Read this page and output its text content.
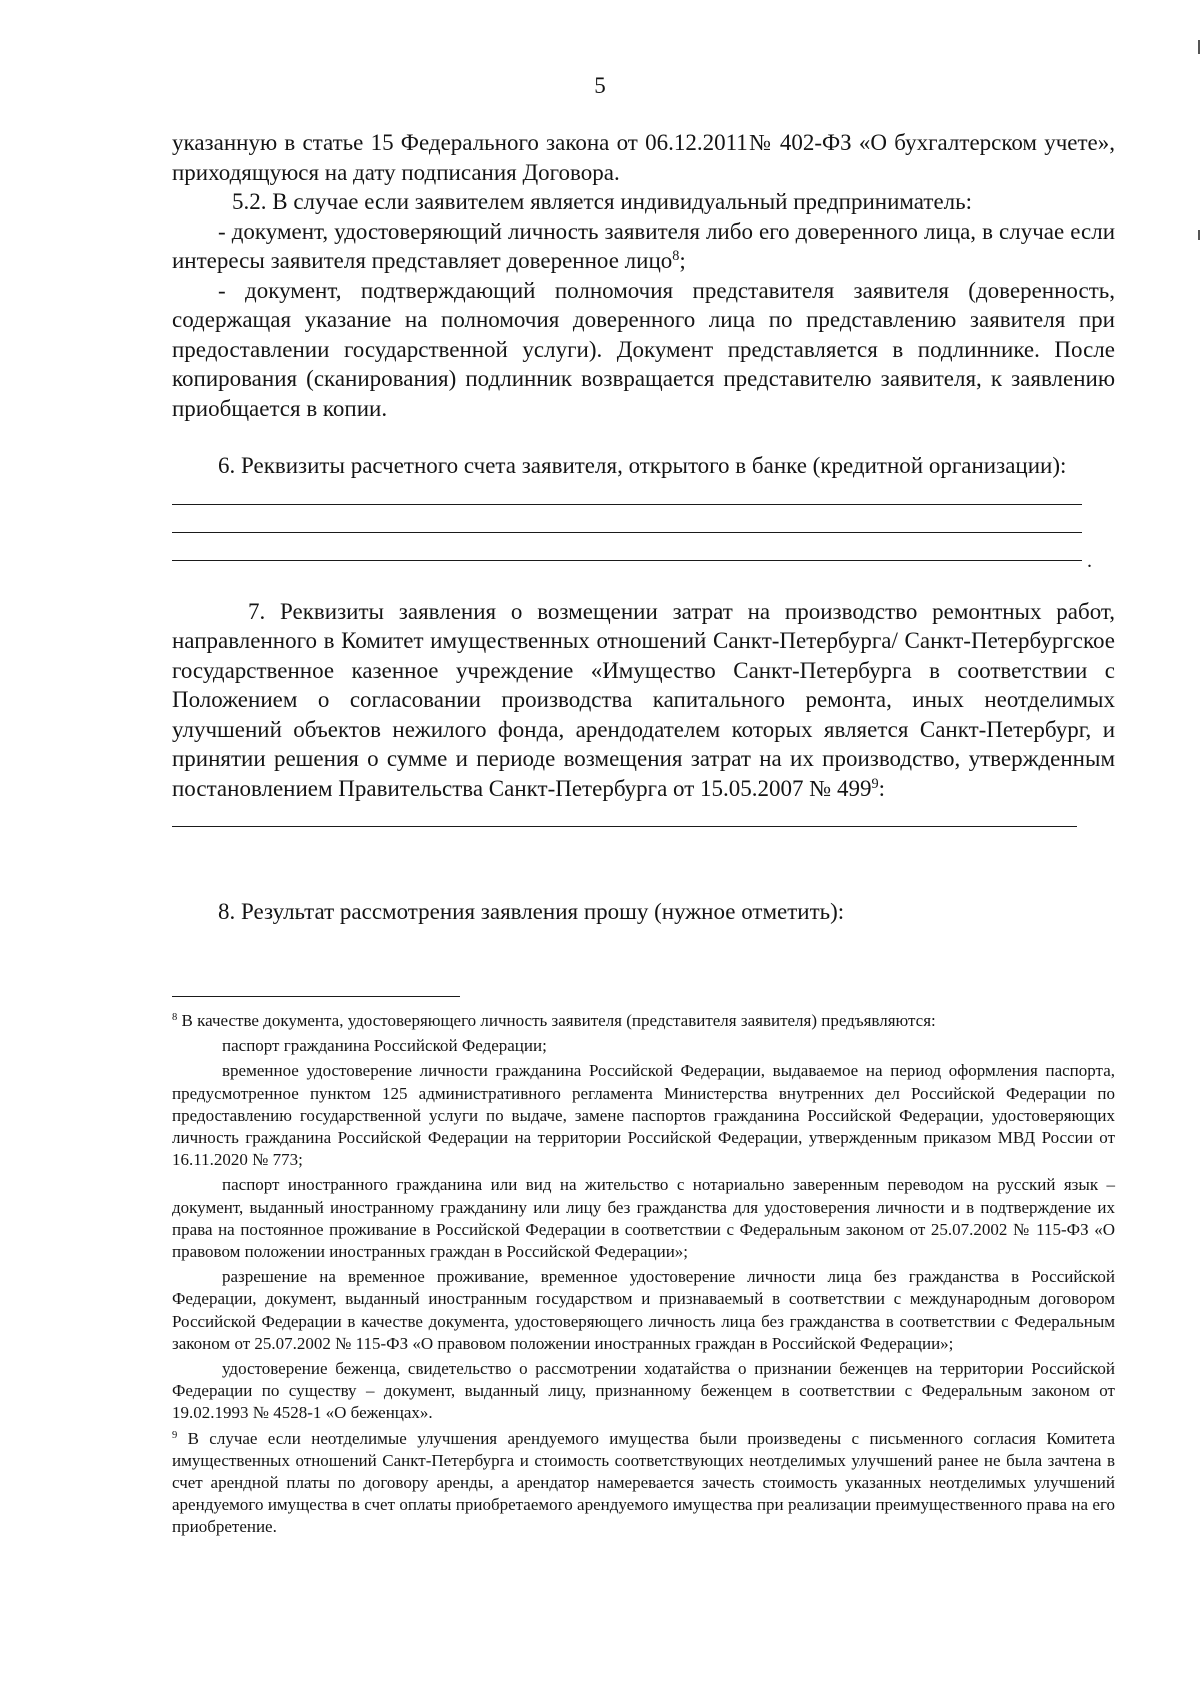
5

указанную в статье 15 Федерального закона от 06.12.2011№ 402-ФЗ «О бухгалтерском учете», приходящуюся на дату подписания Договора.

5.2. В случае если заявителем является индивидуальный предприниматель:

- документ, удостоверяющий личность заявителя либо его доверенного лица, в случае если интересы заявителя представляет доверенное лицо$^8$;

- документ, подтверждающий полномочия представителя заявителя (доверенность, содержащая указание на полномочия доверенного лица по представлению заявителя при предоставлении государственной услуги). Документ представляется в подлиннике. После копирования (сканирования) подлинник возвращается представителю заявителя, к заявлению приобщается в копии.

6. Реквизиты расчетного счета заявителя, открытого в банке (кредитной организации):

.

7. Реквизиты заявления о возмещении затрат на производство ремонтных работ, направленного в Комитет имущественных отношений Санкт-Петербурга/ Санкт-Петербургское государственное казенное учреждение «Имущество Санкт-Петербурга в соответствии с Положением о согласовании производства капитального ремонта, иных неотделимых улучшений объектов нежилого фонда, арендодателем которых является Санкт-Петербург, и принятии решения о сумме и периоде возмещения затрат на их производство, утвержденным постановлением Правительства Санкт-Петербурга от 15.05.2007 № $499^9$:

8. Результат рассмотрения заявления прошу (нужное отметить):

$^8$ В качестве документа, удостоверяющего личность заявителя (представителя заявителя) предъявляются:

паспорт гражданина Российской Федерации;

временное удостоверение личности гражданина Российской Федерации, выдаваемое на период оформления паспорта, предусмотренное пунктом 125 административного регламента Министерства внутренних дел Российской Федерации по предоставлению государственной услуги по выдаче, замене паспортов гражданина Российской Федерации, удостоверяющих личность гражданина Российской Федерации на территории Российской Федерации, утвержденным приказом МВД России от 16.11.2020 № 773;

паспорт иностранного гражданина или вид на жительство с нотариально заверенным переводом на русский язык – документ, выданный иностранному гражданину или лицу без гражданства для удостоверения личности и в подтверждение их права на постоянное проживание в Российской Федерации в соответствии с Федеральным законом от 25.07.2002 № 115-ФЗ «О правовом положении иностранных граждан в Российской Федерации»;

разрешение на временное проживание, временное удостоверение личности лица без гражданства в Российской Федерации, документ, выданный иностранным государством и признаваемый в соответствии с международным договором Российской Федерации в качестве документа, удостоверяющего личность лица без гражданства в соответствии с Федеральным законом от 25.07.2002 № 115-ФЗ «О правовом положении иностранных граждан в Российской Федерации»;

удостоверение беженца, свидетельство о рассмотрении ходатайства о признании беженцев на территории Российской Федерации по существу – документ, выданный лицу, признанному беженцем в соответствии с Федеральным законом от 19.02.1993 № 4528-1 «О беженцах».

$^9$ В случае если неотделимые улучшения арендуемого имущества были произведены с письменного согласия Комитета имущественных отношений Санкт-Петербурга и стоимость соответствующих неотделимых улучшений ранее не была зачтена в счет арендной платы по договору аренды, а арендатор намеревается зачесть стоимость указанных неотделимых улучшений арендуемого имущества в счет оплаты приобретаемого арендуемого имущества при реализации преимущественного права на его приобретение.
